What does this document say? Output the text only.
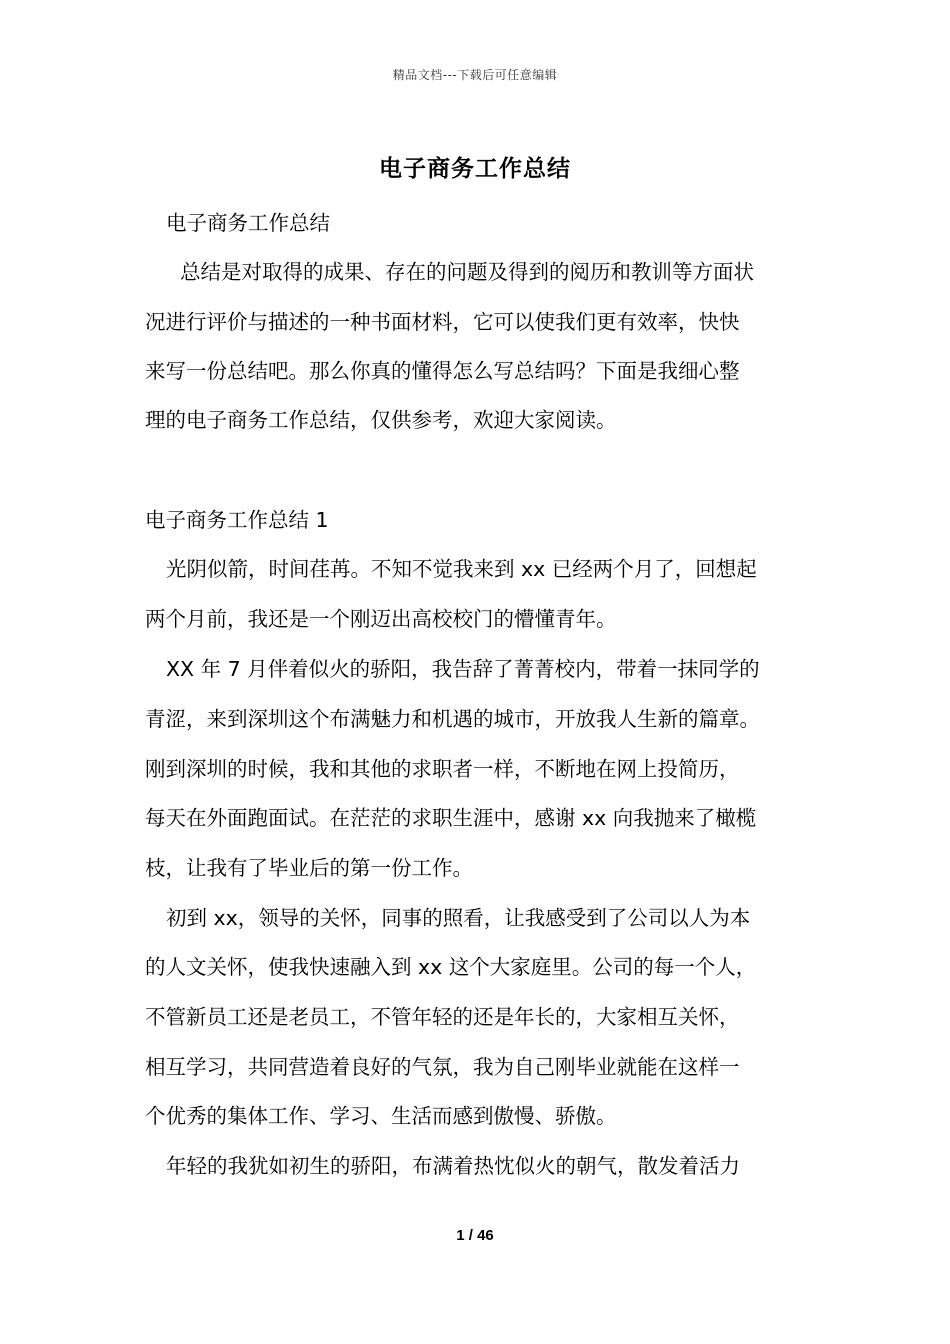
精品文档---下载后可任意编辑
电子商务工作总结
电子商务工作总结
总结是对取得的成果、存在的问题及得到的阅历和教训等方面状
况进行评价与描述的一种书面材料，它可以使我们更有效率，快快
来写一份总结吧。那么你真的懂得怎么写总结吗？下面是我细心整
理的电子商务工作总结，仅供参考，欢迎大家阅读。
电子商务工作总结 1
光阴似箭，时间荏苒。不知不觉我来到 xx 已经两个月了，回想起
两个月前，我还是一个刚迈出高校校门的懵懂青年。
XX 年 7 月伴着似火的骄阳，我告辞了菁菁校内，带着一抹同学的
青涩，来到深圳这个布满魅力和机遇的城市，开放我人生新的篇章。
刚到深圳的时候，我和其他的求职者一样，不断地在网上投简历，
每天在外面跑面试。在茫茫的求职生涯中，感谢 xx 向我抛来了橄榄
枝，让我有了毕业后的第一份工作。
初到 xx，领导的关怀，同事的照看，让我感受到了公司以人为本
的人文关怀，使我快速融入到 xx 这个大家庭里。公司的每一个人，
不管新员工还是老员工，不管年轻的还是年长的，大家相互关怀，
相互学习，共同营造着良好的气氛，我为自己刚毕业就能在这样一
个优秀的集体工作、学习、生活而感到傲慢、骄傲。
年轻的我犹如初生的骄阳，布满着热忱似火的朝气，散发着活力
1 / 46
